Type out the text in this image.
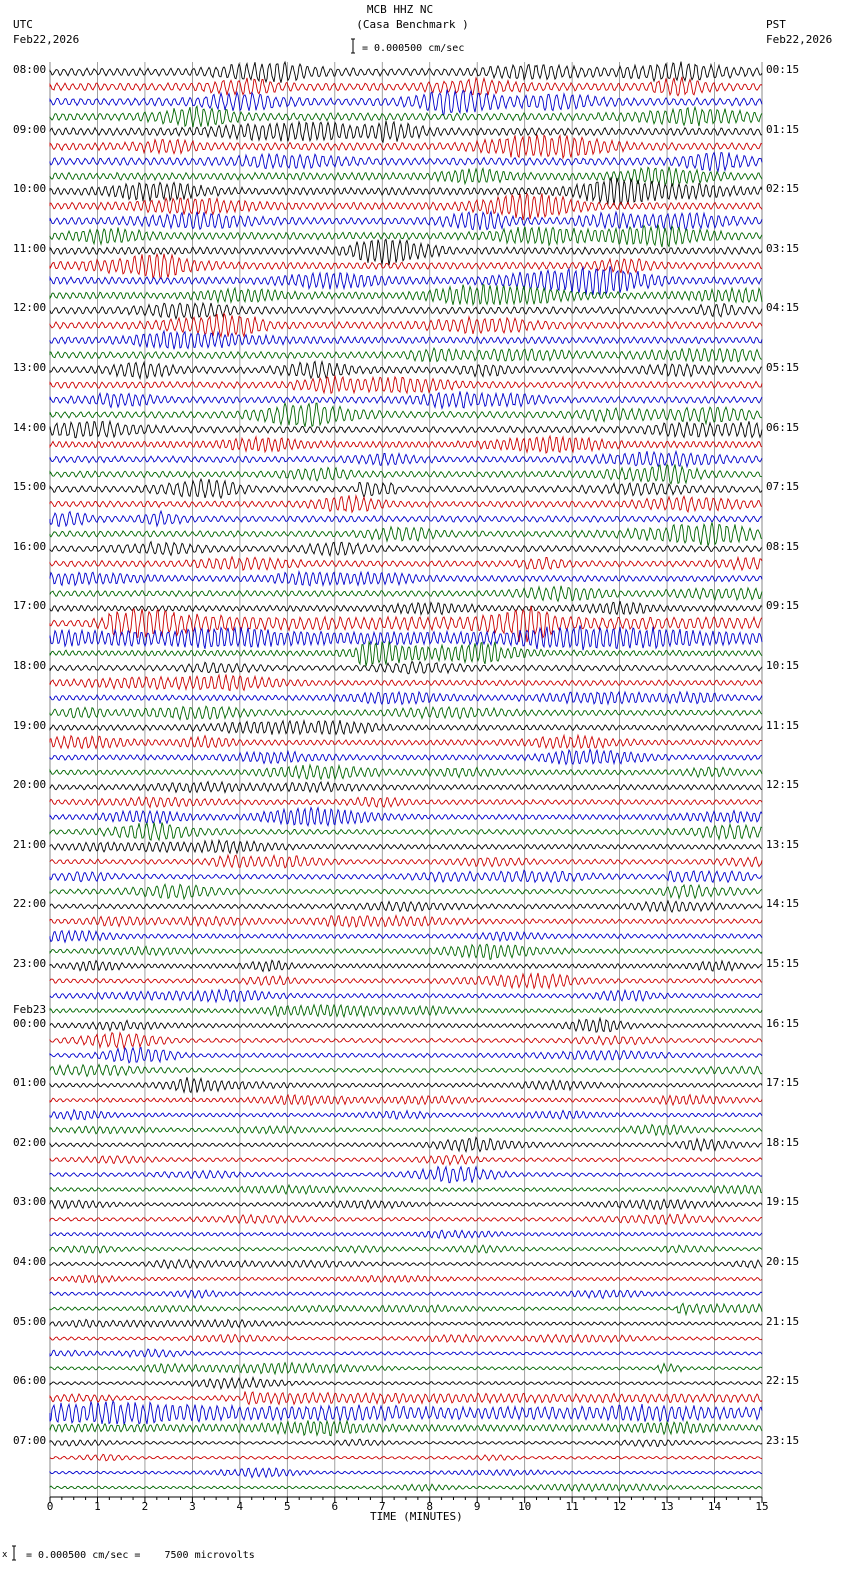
MCB HHZ NC
(Casa Benchmark )
= 0.000500 cm/sec
UTC
Feb22,2026
PST
Feb22,2026
08:00
09:00
10:00
11:00
12:00
13:00
14:00
15:00
16:00
17:00
18:00
19:00
20:00
21:00
22:00
23:00
Feb23
00:00
01:00
02:00
03:00
04:00
05:00
06:00
07:00
00:15
01:15
02:15
03:15
04:15
05:15
06:15
07:15
08:15
09:15
10:15
11:15
12:15
13:15
14:15
15:15
16:15
17:15
18:15
19:15
20:15
21:15
22:15
23:15
0	1	2	3	4	5	6	7	8	9	10	11	12	13	14	15
TIME (MINUTES)
x = 0.000500 cm/sec =    7500 microvolts
